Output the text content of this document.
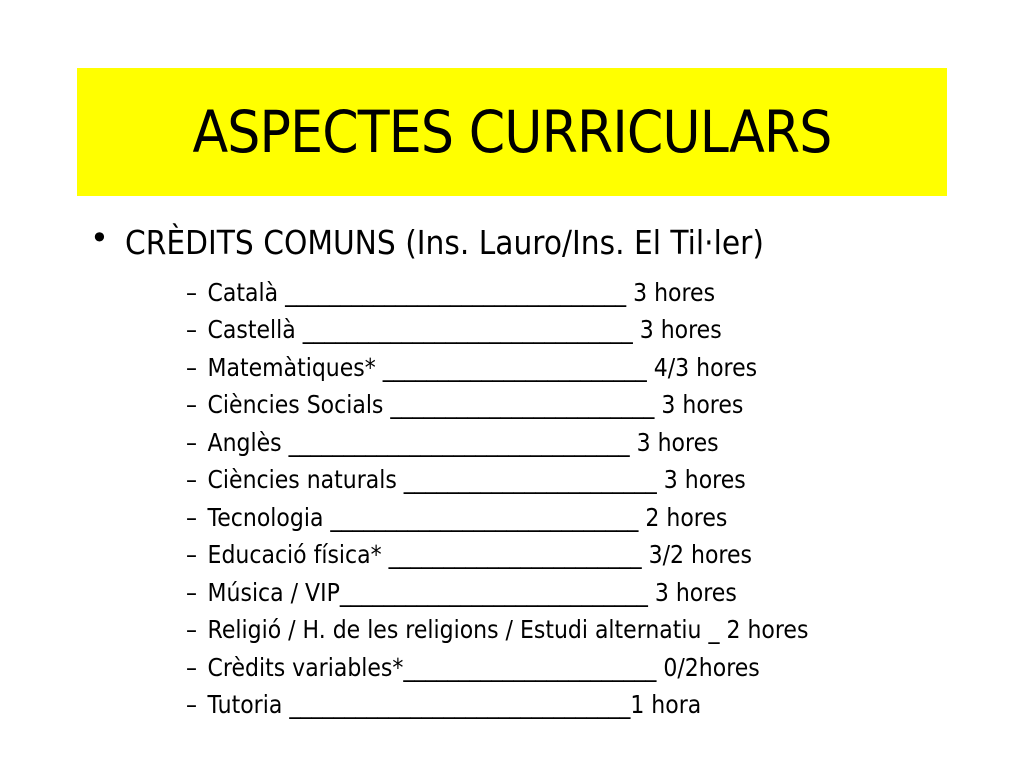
ASPECTES CURRICULARS
• CRÈDITS COMUNS (Ins. Lauro/Ins. El Til·ler)
– Català _______________________________ 3 hores
– Castellà ______________________________ 3 hores
– Matemàtiques* ________________________ 4/3 hores
– Ciències Socials ________________________ 3 hores
– Anglès _______________________________ 3 hores
– Ciències naturals _______________________ 3 hores
– Tecnologia ____________________________ 2 hores
– Educació física* _______________________ 3/2 hores
– Música / VIP____________________________ 3 hores
– Religió / H. de les religions / Estudi alternatiu _ 2 hores
– Crèdits variables*_______________________ 0/2hores
– Tutoria _______________________________1 hora
